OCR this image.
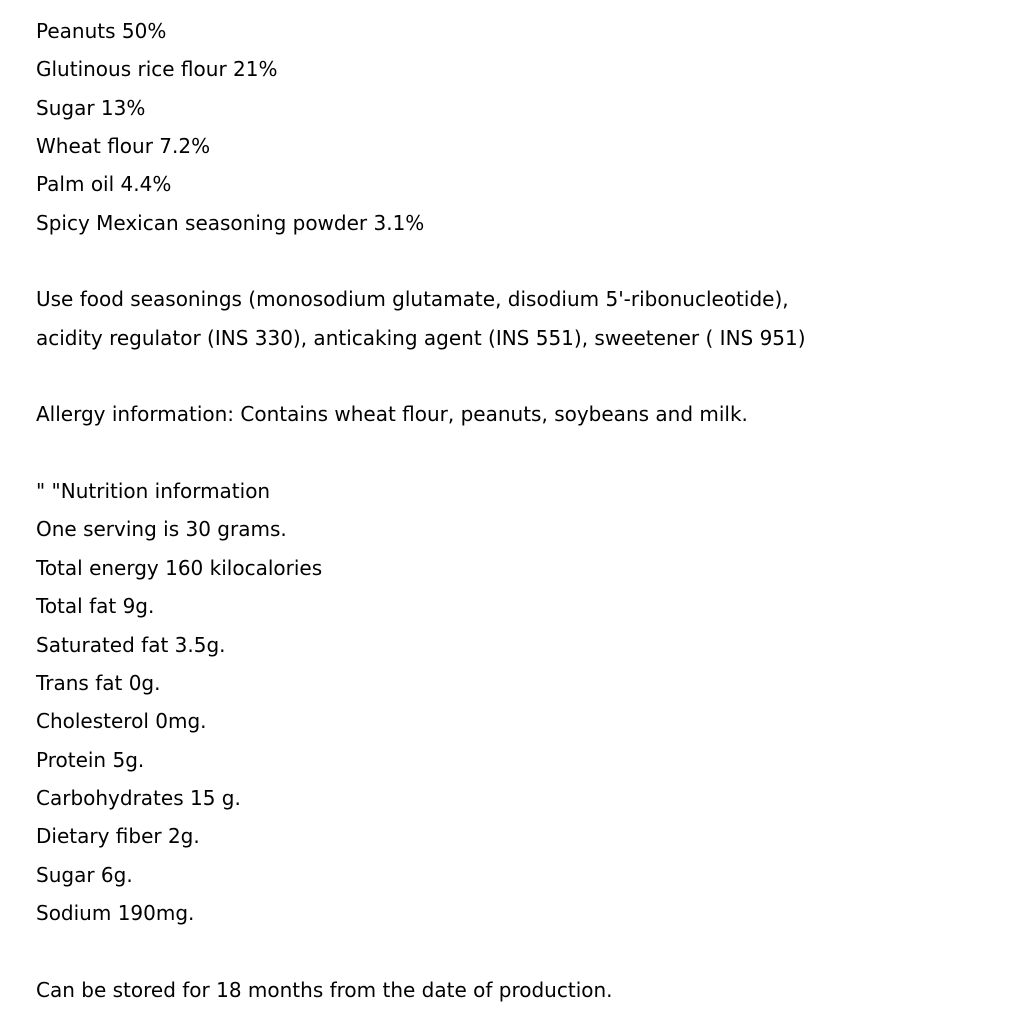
Peanuts 50%
Glutinous rice flour 21%
Sugar 13%
Wheat flour 7.2%
Palm oil 4.4%
Spicy Mexican seasoning powder 3.1%
Use food seasonings (monosodium glutamate, disodium 5'-ribonucleotide),
acidity regulator (INS 330), anticaking agent (INS 551), sweetener ( INS 951)
Allergy information: Contains wheat flour, peanuts, soybeans and milk.
" "Nutrition information
One serving is 30 grams.
Total energy 160 kilocalories
Total fat 9g.
Saturated fat 3.5g.
Trans fat 0g.
Cholesterol 0mg.
Protein 5g.
Carbohydrates 15 g.
Dietary fiber 2g.
Sugar 6g.
Sodium 190mg.
Can be stored for 18 months from the date of production.
